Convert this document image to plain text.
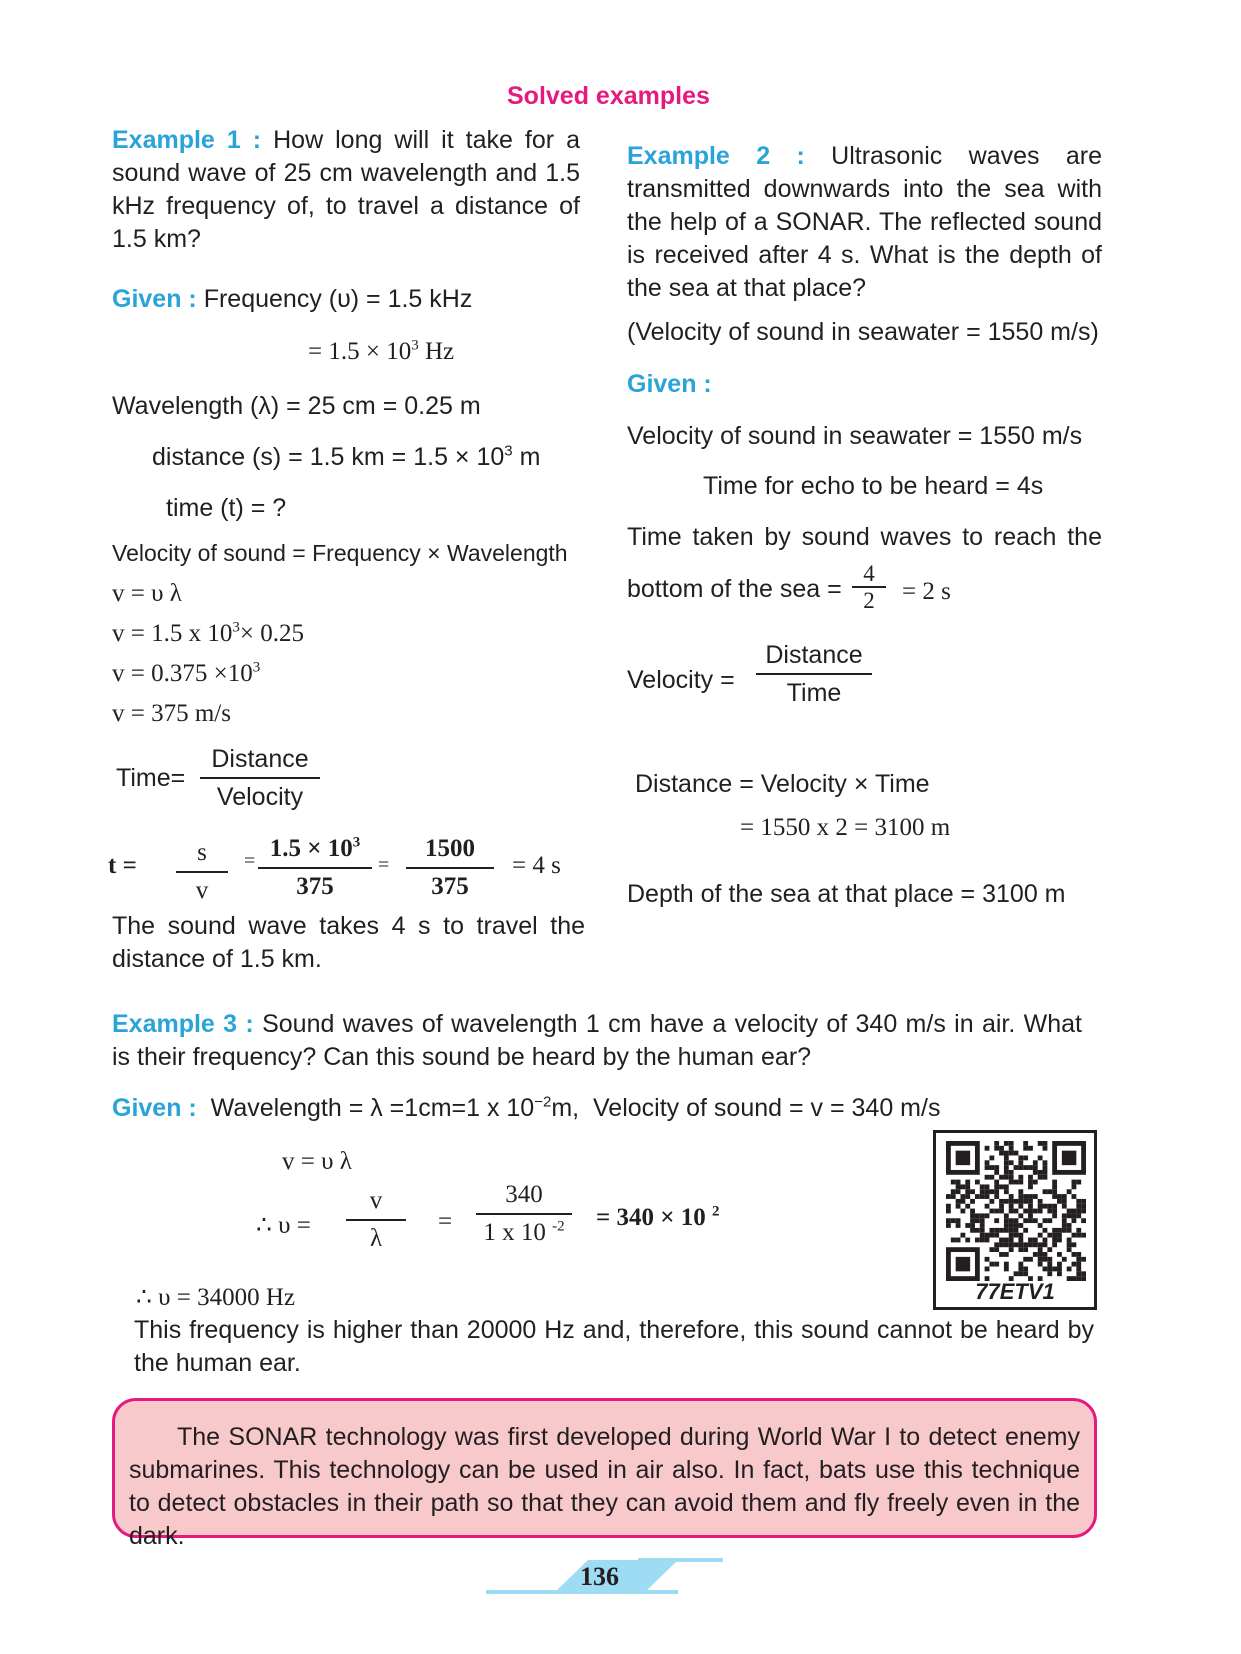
Solved examples
Example 1 : How long will it take for a sound wave of 25 cm wavelength and 1.5 kHz frequency of, to travel a distance of 1.5 km?
Given : Frequency (υ) = 1.5 kHz
= $1.5 \times 10^3$ Hz
Wavelength (λ) = 25 cm = 0.25 m
distance (s) = 1.5 km = $1.5 \times 10^3$ m
time (t) = ?
Velocity of sound = Frequency × Wavelength
v = υ λ
v = 1.5 x $10^3\times 0.25$
$v = 0.375 \times 10^3$
v = 375 m/s
Time=
Distance
Velocity
t = s
v
= $1.5 \times 10^3$
375
=
1500
375
= 4 s
The sound wave takes 4 s to travel the distance of 1.5 km.
Example 2 : Ultrasonic waves are transmitted downwards into the sea with the help of a SONAR. The reflected sound is received after 4 s. What is the depth of the sea at that place?
(Velocity of sound in seawater = 1550 m/s)
Given :
Velocity of sound in seawater = 1550 m/s
Time for echo to be heard = 4s
Time taken by sound waves to reach the
bottom of the sea =
4
2 = 2 s
Velocity =
Distance
Time
Distance = Velocity × Time
= 1550 x 2 = 3100 m
Depth of the sea at that place = 3100 m
Example 3 : Sound waves of wavelength 1 cm have a velocity of 340 m/s in air. What is their frequency? Can this sound be heard by the human ear?
Given : Wavelength = λ =1cm=1 x $10^{-2}m$, Velocity of sound = v = 340 m/s
v = υ λ
∴ υ =
v
λ
=
340
1 x 10 $^{-2}$ = 340 × 10 $^2$
∴ υ = 34000 Hz
This frequency is higher than 20000 Hz and, therefore, this sound cannot be heard by the human ear.
77ETV1
The SONAR technology was first developed during World War I to detect enemy submarines. This technology can be used in air also. In fact, bats use this technique to detect obstacles in their path so that they can avoid them and fly freely even in the dark.
136
